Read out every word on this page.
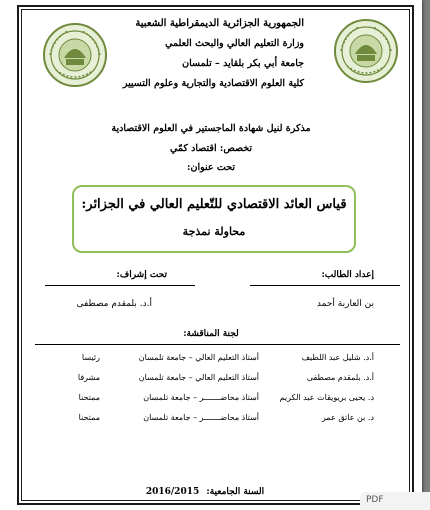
الجمهورية الجزائرية الديمقراطية الشعبية
وزارة التعليم العالي والبحث العلمي
جامعة أبي بكر بلقايد – تلمسان
كلية العلوم الاقتصادية والتجارية وعلوم التسيير
مذكرة لنيل شهادة الماجستير في العلوم الاقتصادية
تخصص: اقتصاد كمّي
تحت عنوان:
قياس العائد الاقتصادي للتّعليم العالي في الجزائر:
محاولة نمذجة
إعداد الطالب:
تحت إشراف:
بن العاربة أحمد
أ.د. بلمقدم مصطفى
لجنة المناقشة:
أ.د. شليل عبد اللطيف
أستاذ التعليم العالي – جامعة تلمسان
رئيسا
أ.د. بلمقدم مصطفى
أستاذ التعليم العالي – جامعة تلمسان
مشرفا
د. يحيى بريويقات عبد الكريم
أستاذ محاضـــــــر – جامعة تلمسان
ممتحنا
د. بن عاتق عمر
أستاذ محاضـــــــر – جامعة تلمسان
ممتحنا
السنة الجامعية: 2016/2015
PDF
